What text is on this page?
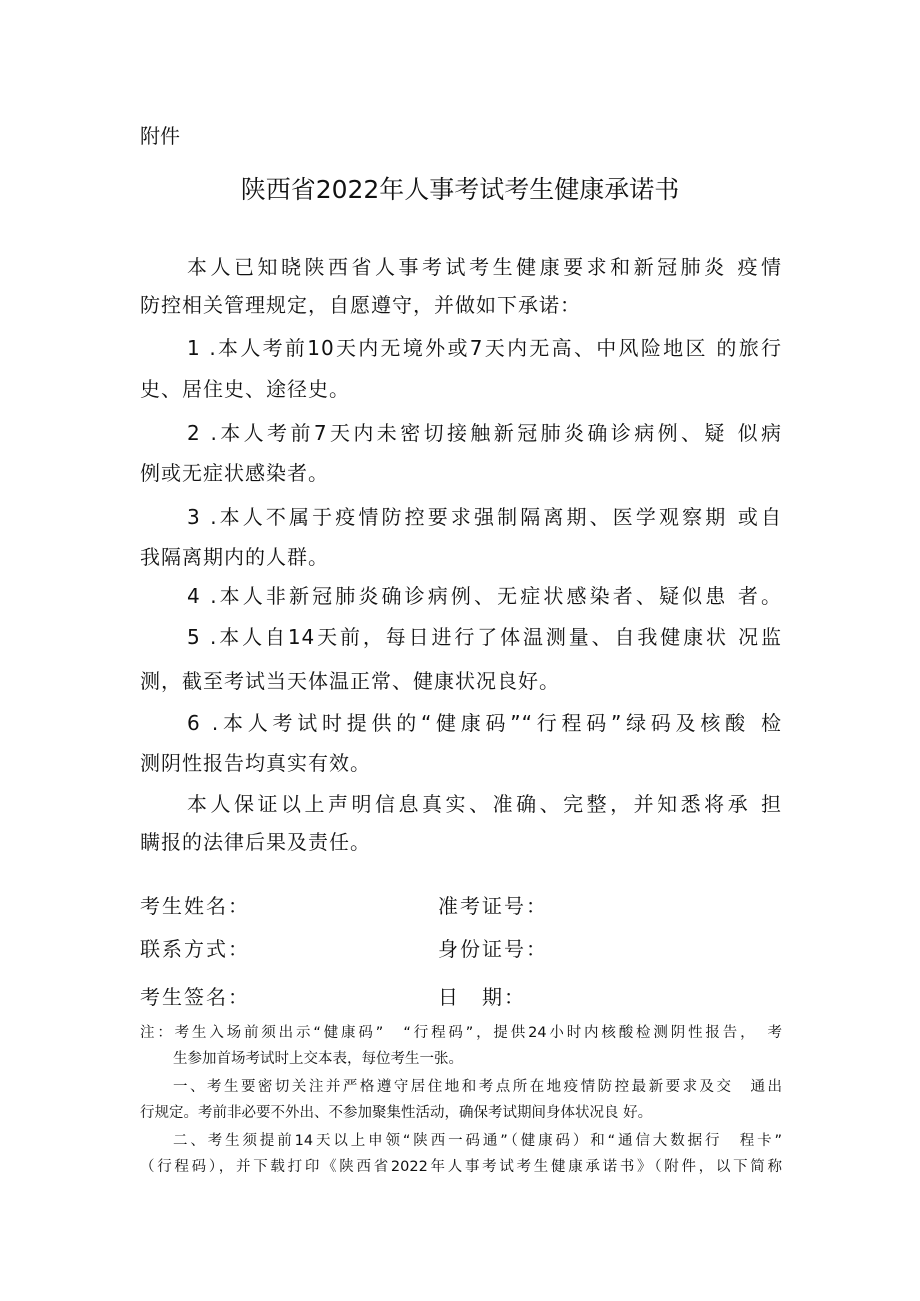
附件
陕西省2022年人事考试考生健康承诺书
本人已知晓陕西省人事考试考生健康要求和新冠肺炎 疫情
防控相关管理规定，自愿遵守，并做如下承诺：
1 .本人考前10天内无境外或7天内无高、中风险地区 的旅行
史、居住史、途径史。
2 .本人考前7天内未密切接触新冠肺炎确诊病例、疑 似病
例或无症状感染者。
3 .本人不属于疫情防控要求强制隔离期、医学观察期 或自
我隔离期内的人群。
4 .本人非新冠肺炎确诊病例、无症状感染者、疑似患 者。
5 .本人自14天前，每日进行了体温测量、自我健康状 况监
测，截至考试当天体温正常、健康状况良好。
6 .本人考试时提供的“健康码”“行程码”绿码及核酸 检
测阴性报告均真实有效。
本人保证以上声明信息真实、准确、完整，并知悉将承 担
瞒报的法律后果及责任。
考生姓名：	准考证号：
联系方式：	身份证号：
考生签名：	日　期：
注：考生入场前须出示“健康码”　“行程码”，提供24小时内核酸检测阴性报告，　考
生参加首场考试时上交本表，每位考生一张。
一、考生要密切关注并严格遵守居住地和考点所在地疫情防控最新要求及交　通出
行规定。考前非必要不外出、不参加聚集性活动，确保考试期间身体状况良 好。
二、考生须提前14天以上申领“陕西一码通”（健康码）和“通信大数据行　程卡”
（行程码），并下载打印《陕西省2022年人事考试考生健康承诺书》（附件，以下简称
